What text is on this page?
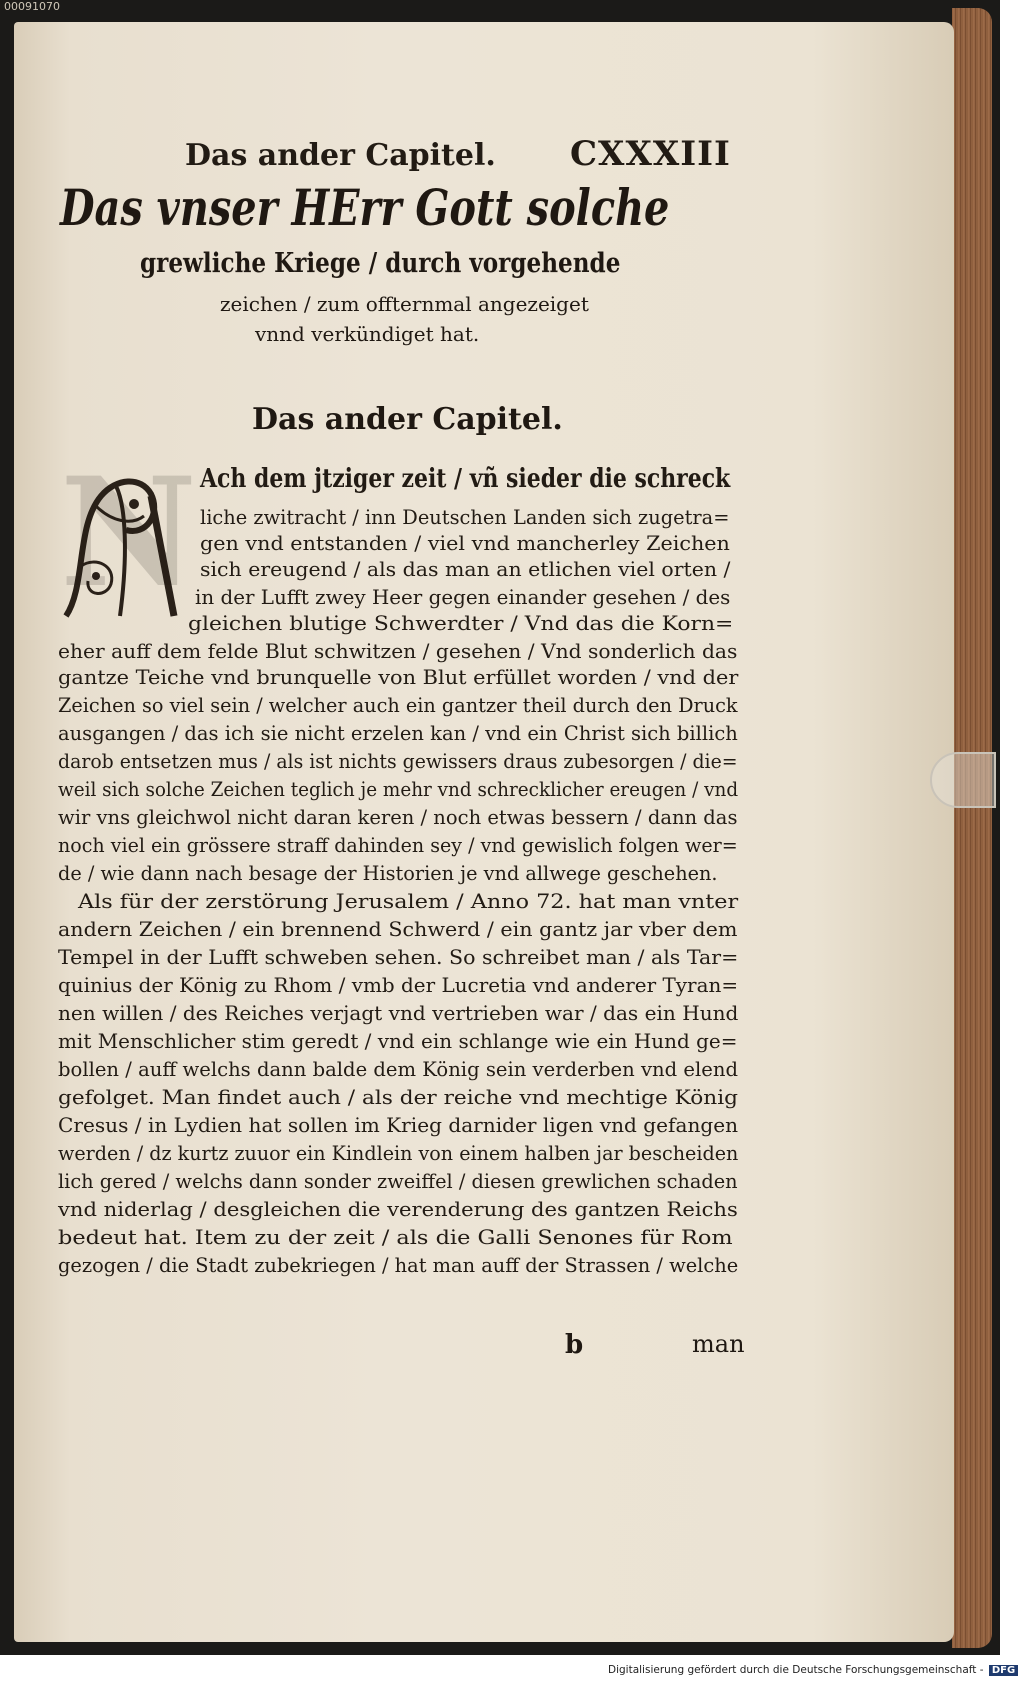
00091070
Das ander Capitel. CXXXIII
Das vnser HErr Gott solche
grewliche Kriege / durch vorgehende
zeichen / zum offternmal angezeiget
vnnd verkündiget hat.
Das ander Capitel.
N Ach dem jtziger zeit / vñ sieder die schreck
liche zwitracht / inn Deutschen Landen sich zugetra=
gen vnd entstanden / viel vnd mancherley Zeichen
sich ereugend / als das man an etlichen viel orten /
in der Lufft zwey Heer gegen einander gesehen / des
gleichen blutige Schwerdter / Vnd das die Korn=
eher auff dem felde Blut schwitzen / gesehen / Vnd sonderlich das
gantze Teiche vnd brunquelle von Blut erfüllet worden / vnd der
Zeichen so viel sein / welcher auch ein gantzer theil durch den Druck
ausgangen / das ich sie nicht erzelen kan / vnd ein Christ sich billich
darob entsetzen mus / als ist nichts gewissers draus zubesorgen / die=
weil sich solche Zeichen teglich je mehr vnd schrecklicher ereugen / vnd
wir vns gleichwol nicht daran keren / noch etwas bessern / dann das
noch viel ein grössere straff dahinden sey / vnd gewislich folgen wer=
de / wie dann nach besage der Historien je vnd allwege geschehen.
Als für der zerstörung Jerusalem / Anno 72. hat man vnter
andern Zeichen / ein brennend Schwerd / ein gantz jar vber dem
Tempel in der Lufft schweben sehen. So schreibet man / als Tar=
quinius der König zu Rhom / vmb der Lucretia vnd anderer Tyran=
nen willen / des Reiches verjagt vnd vertrieben war / das ein Hund
mit Menschlicher stim geredt / vnd ein schlange wie ein Hund ge=
bollen / auff welchs dann balde dem König sein verderben vnd elend
gefolget. Man findet auch / als der reiche vnd mechtige König
Cresus / in Lydien hat sollen im Krieg darnider ligen vnd gefangen
werden / dz kurtz zuuor ein Kindlein von einem halben jar bescheiden
lich gered / welchs dann sonder zweiffel / diesen grewlichen schaden
vnd niderlag / desgleichen die verenderung des gantzen Reichs
bedeut hat. Item zu der zeit / als die Galli Senones für Rom
gezogen / die Stadt zubekriegen / hat man auff der Strassen / welche
b	man
Digitalisierung gefördert durch die Deutsche Forschungsgemeinschaft - DFG
